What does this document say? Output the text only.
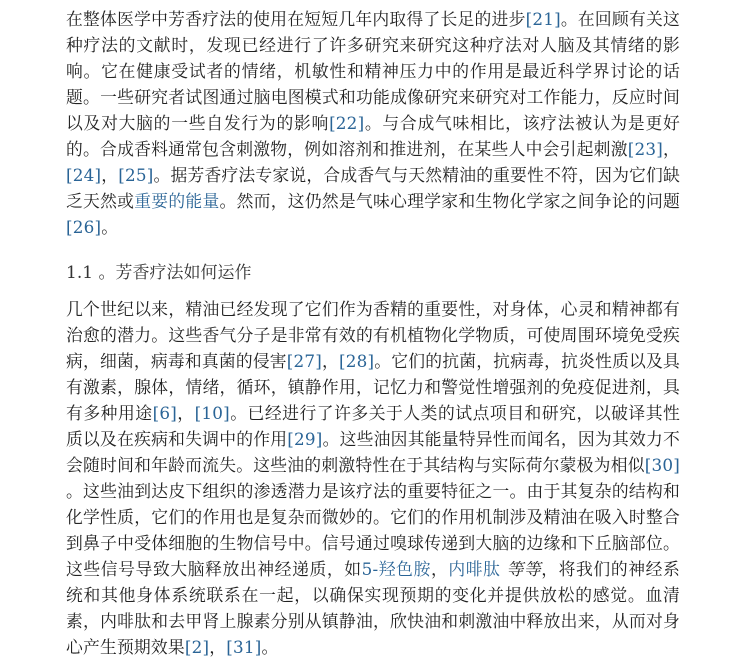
在整体医学中芳香疗法的使用在短短几年内取得了长足的进步[21]。在回顾有关这种疗法的文献时，发现已经进行了许多研究来研究这种疗法对人脑及其情绪的影响。它在健康受试者的情绪，机敏性和精神压力中的作用是最近科学界讨论的话题。一些研究者试图通过脑电图模式和功能成像研究来研究对工作能力，反应时间以及对大脑的一些自发行为的影响[22]。与合成气味相比，该疗法被认为是更好的。合成香料通常包含刺激物，例如溶剂和推进剂，在某些人中会引起刺激[23]，[24]，[25]。据芳香疗法专家说，合成香气与天然精油的重要性不符，因为它们缺乏天然或重要的能量。然而，这仍然是气味心理学家和生物化学家之间争论的问题[26]。

1.1 。芳香疗法如何运作

几个世纪以来，精油已经发现了它们作为香精的重要性，对身体，心灵和精神都有治愈的潜力。这些香气分子是非常有效的有机植物化学物质，可使周围环境免受疾病，细菌，病毒和真菌的侵害[27]，[28]。它们的抗菌，抗病毒，抗炎性质以及具有激素，腺体，情绪，循环，镇静作用，记忆力和警觉性增强剂的免疫促进剂，具有多种用途[6]，[10]。已经进行了许多关于人类的试点项目和研究，以破译其性质以及在疾病和失调中的作用[29]。这些油因其能量特异性而闻名，因为其效力不会随时间和年龄而流失。这些油的刺激特性在于其结构与实际荷尔蒙极为相似[30] 。这些油到达皮下组织的渗透潜力是该疗法的重要特征之一。由于其复杂的结构和化学性质，它们的作用也是复杂而微妙的。它们的作用机制涉及精油在吸入时整合到鼻子中受体细胞的生物信号中。信号通过嗅球传递到大脑的边缘和下丘脑部位。这些信号导致大脑释放出神经递质，如5-羟色胺，内啡肽 等等，将我们的神经系统和其他身体系统联系在一起，以确保实现预期的变化并提供放松的感觉。血清素，内啡肽和去甲肾上腺素分别从镇静油，欣快油和刺激油中释放出来，从而对身心产生预期效果[2]，[31]。
